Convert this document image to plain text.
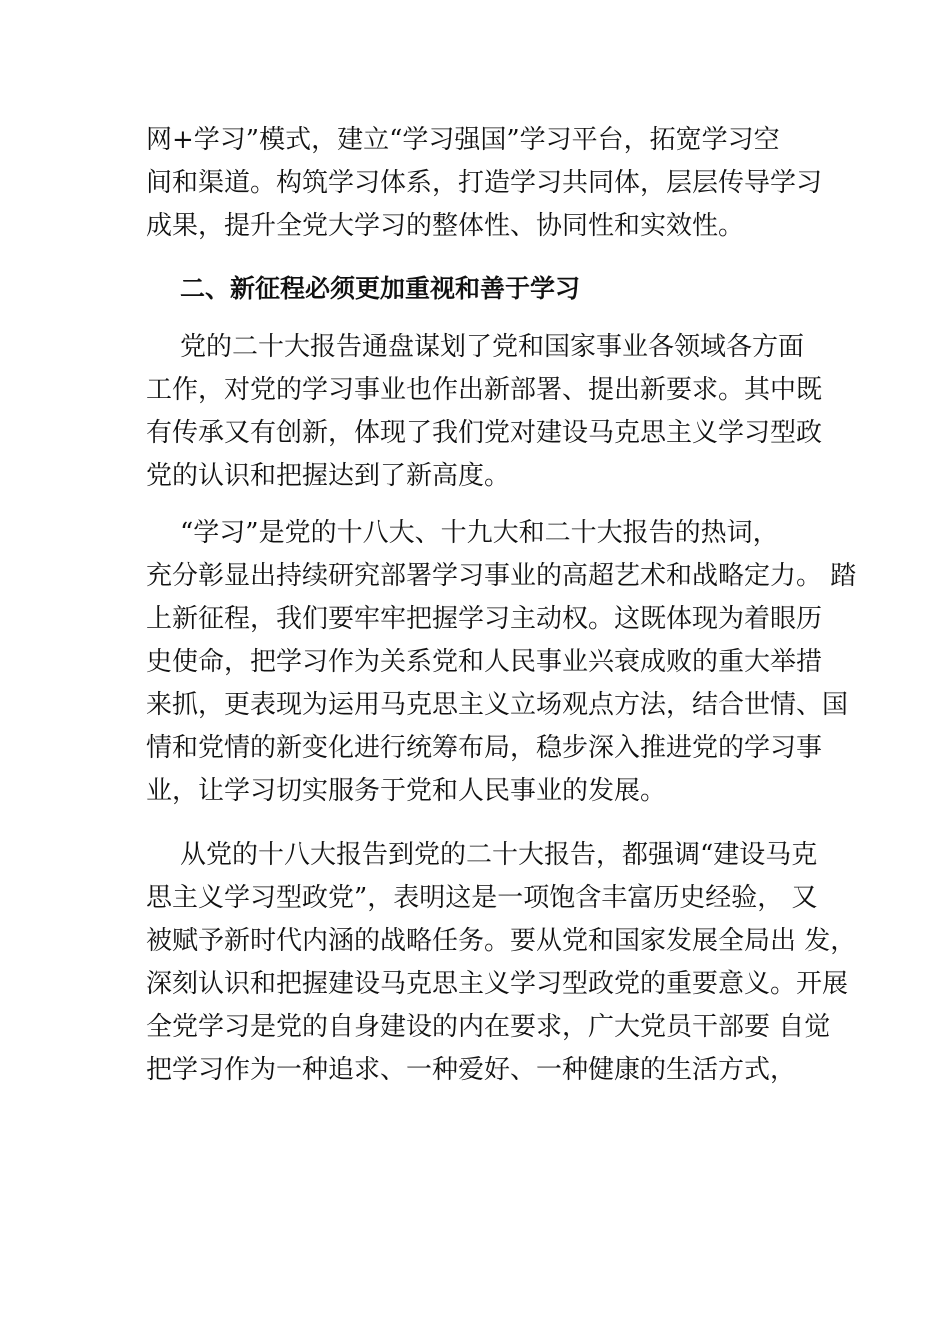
网+学习”模式，建立“学习强国”学习平台，拓宽学习空
间和渠道。构筑学习体系，打造学习共同体，层层传导学习
成果，提升全党大学习的整体性、协同性和实效性。
二、新征程必须更加重视和善于学习
党的二十大报告通盘谋划了党和国家事业各领域各方面
工作，对党的学习事业也作出新部署、提出新要求。其中既
有传承又有创新，体现了我们党对建设马克思主义学习型政
党的认识和把握达到了新高度。
“学习”是党的十八大、十九大和二十大报告的热词，
充分彰显出持续研究部署学习事业的高超艺术和战略定力。 踏
上新征程，我们要牢牢把握学习主动权。这既体现为着眼历
史使命，把学习作为关系党和人民事业兴衰成败的重大举措
来抓，更表现为运用马克思主义立场观点方法，结合世情、国
情和党情的新变化进行统筹布局，稳步深入推进党的学习事
业，让学习切实服务于党和人民事业的发展。
从党的十八大报告到党的二十大报告，都强调“建设马克
思主义学习型政党”，表明这是一项饱含丰富历史经验， 又
被赋予新时代内涵的战略任务。要从党和国家发展全局出 发，
深刻认识和把握建设马克思主义学习型政党的重要意义。开展
全党学习是党的自身建设的内在要求，广大党员干部要 自觉
把学习作为一种追求、一种爱好、一种健康的生活方式，
